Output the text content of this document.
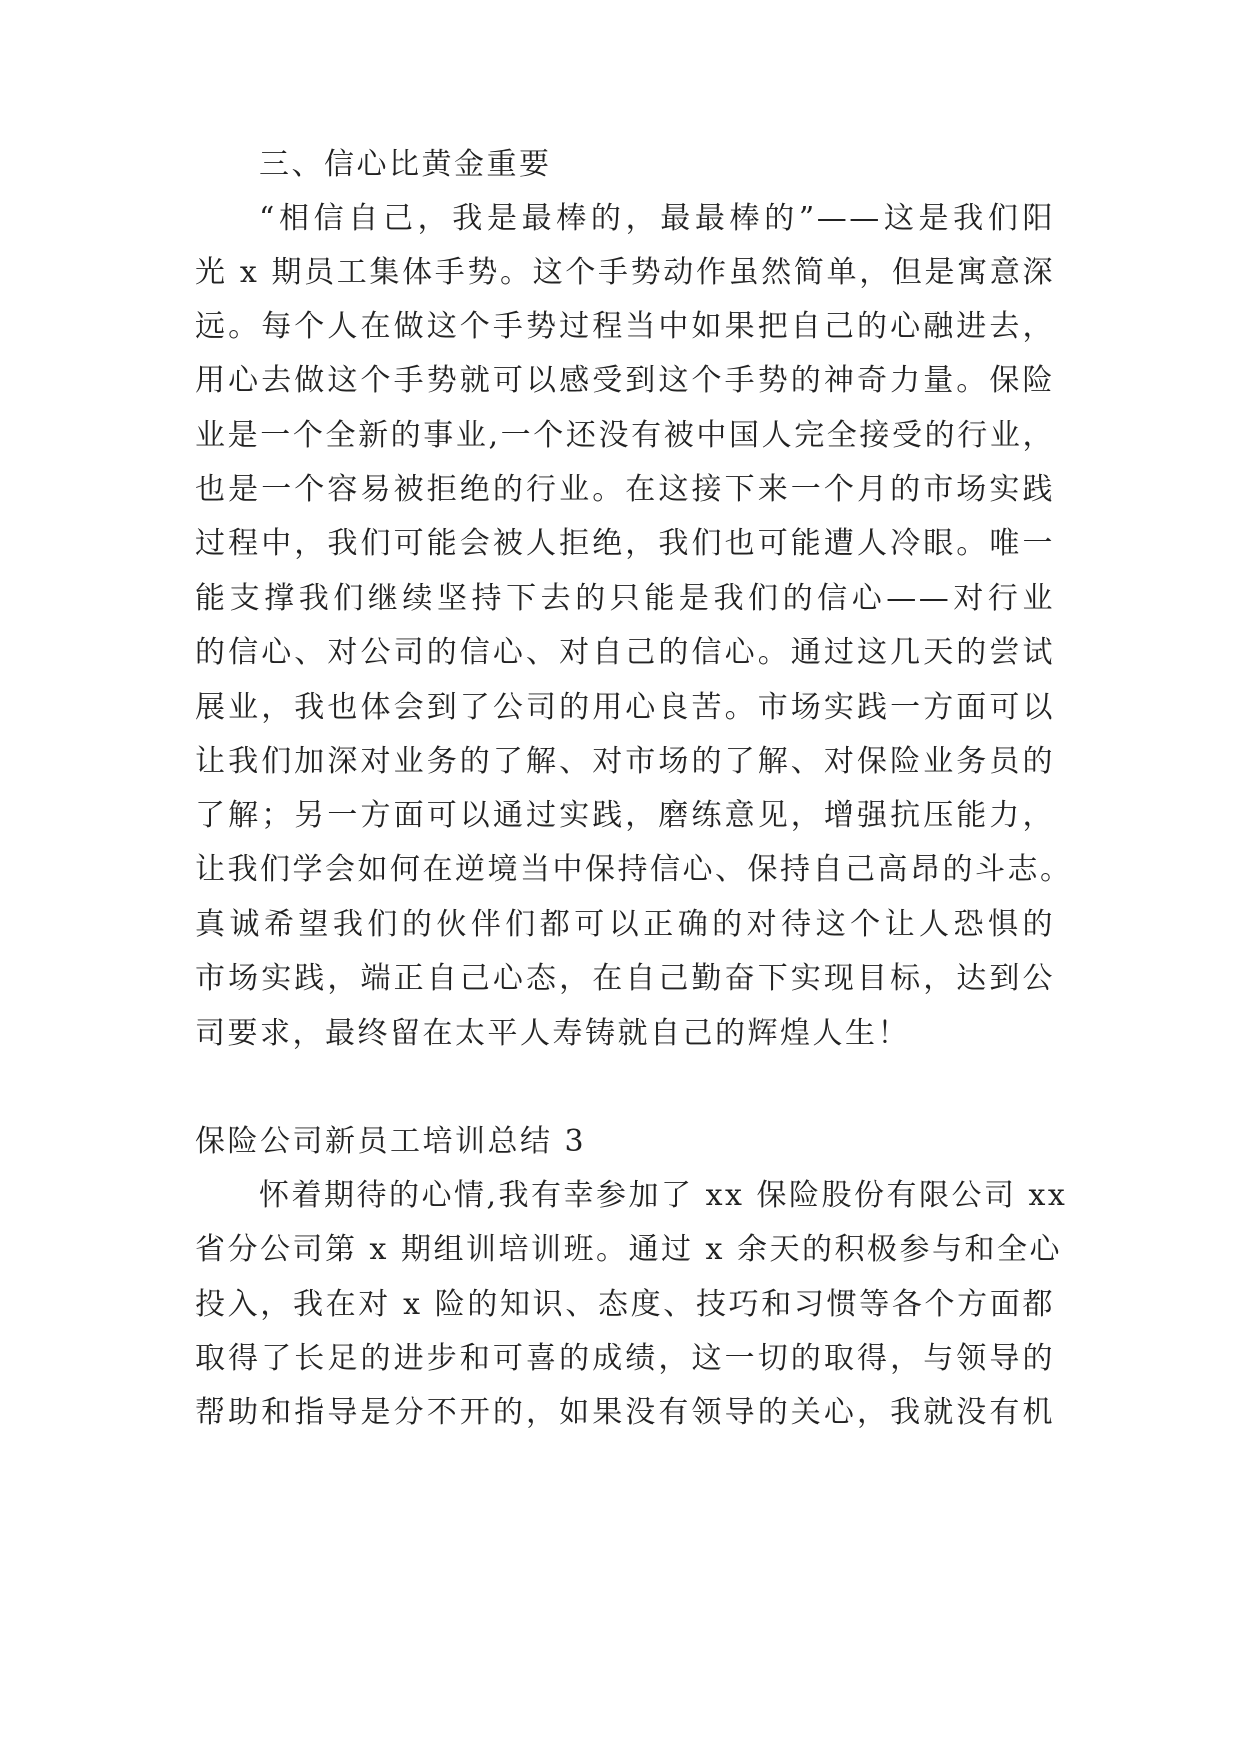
三、信心比黄金重要
“相信自己，我是最棒的，最最棒的”——这是我们阳
光 x 期员工集体手势。这个手势动作虽然简单，但是寓意深
远。每个人在做这个手势过程当中如果把自己的心融进去，
用心去做这个手势就可以感受到这个手势的神奇力量。保险
业是一个全新的事业,一个还没有被中国人完全接受的行业，
也是一个容易被拒绝的行业。在这接下来一个月的市场实践
过程中，我们可能会被人拒绝，我们也可能遭人冷眼。唯一
能支撑我们继续坚持下去的只能是我们的信心——对行业
的信心、对公司的信心、对自己的信心。通过这几天的尝试
展业，我也体会到了公司的用心良苦。市场实践一方面可以
让我们加深对业务的了解、对市场的了解、对保险业务员的
了解；另一方面可以通过实践，磨练意见，增强抗压能力，
让我们学会如何在逆境当中保持信心、保持自己高昂的斗志。
真诚希望我们的伙伴们都可以正确的对待这个让人恐惧的
市场实践，端正自己心态，在自己勤奋下实现目标，达到公
司要求，最终留在太平人寿铸就自己的辉煌人生！
保险公司新员工培训总结 3
怀着期待的心情,我有幸参加了 xx 保险股份有限公司 xx
省分公司第 x 期组训培训班。通过 x 余天的积极参与和全心
投入，我在对 x 险的知识、态度、技巧和习惯等各个方面都
取得了长足的进步和可喜的成绩，这一切的取得，与领导的
帮助和指导是分不开的，如果没有领导的关心，我就没有机
